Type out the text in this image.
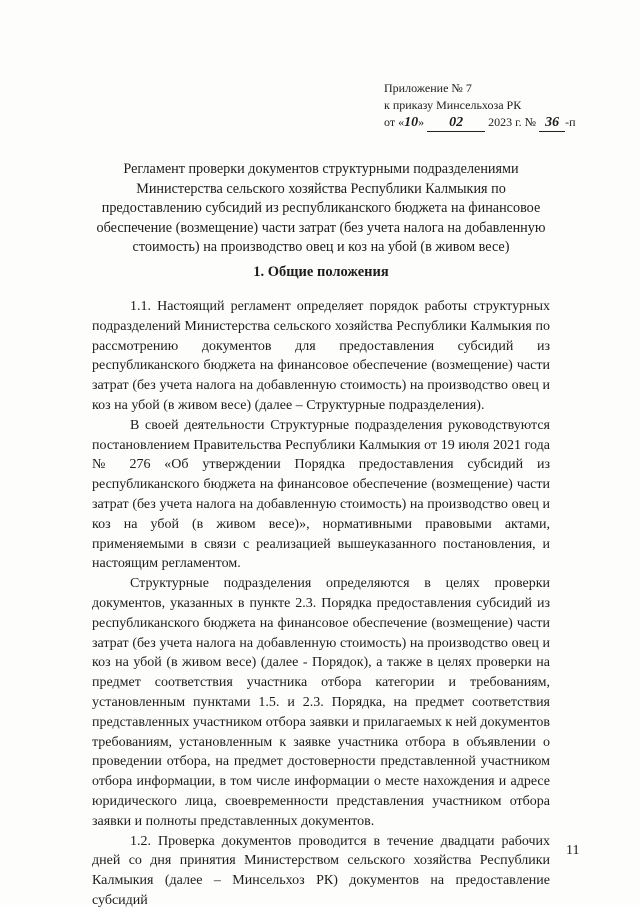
Приложение № 7
к приказу Минсельхоза РК
от «10» 02 2023 г. № 36 -п
Регламент проверки документов структурными подразделениями
Министерства сельского хозяйства Республики Калмыкия по
предоставлению субсидий из республиканского бюджета на финансовое
обеспечение (возмещение) части затрат (без учета налога на добавленную
стоимость) на производство овец и коз на убой (в живом весе)
1. Общие положения

1.1. Настоящий регламент определяет порядок работы структурных подразделений Министерства сельского хозяйства Республики Калмыкия по рассмотрению документов для предоставления субсидий из республиканского бюджета на финансовое обеспечение (возмещение) части затрат (без учета налога на добавленную стоимость) на производство овец и коз на убой (в живом весе) (далее – Структурные подразделения).

В своей деятельности Структурные подразделения руководствуются постановлением Правительства Республики Калмыкия от 19 июля 2021 года № 276 «Об утверждении Порядка предоставления субсидий из республиканского бюджета на финансовое обеспечение (возмещение) части затрат (без учета налога на добавленную стоимость) на производство овец и коз на убой (в живом весе)», нормативными правовыми актами, применяемыми в связи с реализацией вышеуказанного постановления, и настоящим регламентом.

Структурные подразделения определяются в целях проверки документов, указанных в пункте 2.3. Порядка предоставления субсидий из республиканского бюджета на финансовое обеспечение (возмещение) части затрат (без учета налога на добавленную стоимость) на производство овец и коз на убой (в живом весе) (далее - Порядок), а также в целях проверки на предмет соответствия участника отбора категории и требованиям, установленным пунктами 1.5. и 2.3. Порядка, на предмет соответствия представленных участником отбора заявки и прилагаемых к ней документов требованиям, установленным к заявке участника отбора в объявлении о проведении отбора, на предмет достоверности представленной участником отбора информации, в том числе информации о месте нахождения и адресе юридического лица, своевременности представления участником отбора заявки и полноты представленных документов.

1.2. Проверка документов проводится в течение двадцати рабочих дней со дня принятия Министерством сельского хозяйства Республики Калмыкия (далее – Минсельхоз РК) документов на предоставление субсидий

11
